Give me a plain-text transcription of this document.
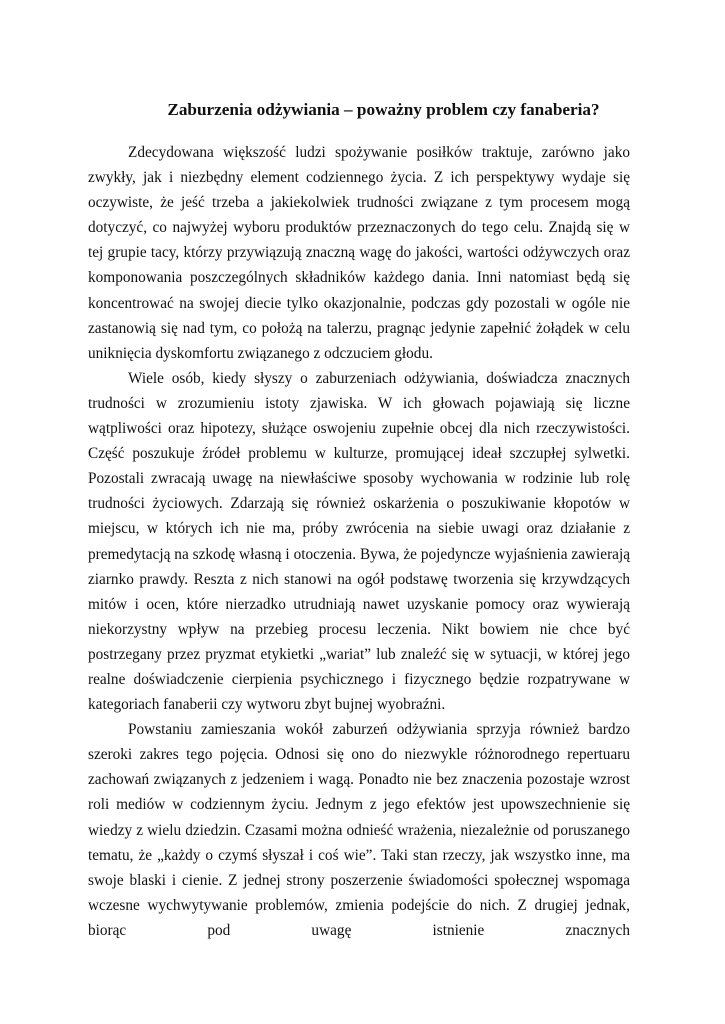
Zaburzenia odżywiania – poważny problem czy fanaberia?

Zdecydowana większość ludzi spożywanie posiłków traktuje, zarówno jako zwykły, jak i niezbędny element codziennego życia. Z ich perspektywy wydaje się oczywiste, że jeść trzeba a jakiekolwiek trudności związane z tym procesem mogą dotyczyć, co najwyżej wyboru produktów przeznaczonych do tego celu. Znajdą się w tej grupie tacy, którzy przywiązują znaczną wagę do jakości, wartości odżywczych oraz komponowania poszczególnych składników każdego dania. Inni natomiast będą się koncentrować na swojej diecie tylko okazjonalnie, podczas gdy pozostali w ogóle nie zastanowią się nad tym, co położą na talerzu, pragnąc jedynie zapełnić żołądek w celu uniknięcia dyskomfortu związanego z odczuciem głodu.

Wiele osób, kiedy słyszy o zaburzeniach odżywiania, doświadcza znacznych trudności w zrozumieniu istoty zjawiska. W ich głowach pojawiają się liczne wątpliwości oraz hipotezy, służące oswojeniu zupełnie obcej dla nich rzeczywistości. Część poszukuje źródeł problemu w kulturze, promującej ideał szczupłej sylwetki. Pozostali zwracają uwagę na niewłaściwe sposoby wychowania w rodzinie lub rolę trudności życiowych. Zdarzają się również oskarżenia o poszukiwanie kłopotów w miejscu, w których ich nie ma, próby zwrócenia na siebie uwagi oraz działanie z premedytacją na szkodę własną i otoczenia. Bywa, że pojedyncze wyjaśnienia zawierają ziarnko prawdy. Reszta z nich stanowi na ogół podstawę tworzenia się krzywdzących mitów i ocen, które nierzadko utrudniają nawet uzyskanie pomocy oraz wywierają niekorzystny wpływ na przebieg procesu leczenia. Nikt bowiem nie chce być postrzegany przez pryzmat etykietki „wariat” lub znaleźć się w sytuacji, w której jego realne doświadczenie cierpienia psychicznego i fizycznego będzie rozpatrywane w kategoriach fanaberii czy wytworu zbyt bujnej wyobraźni.

Powstaniu zamieszania wokół zaburzeń odżywiania sprzyja również bardzo szeroki zakres tego pojęcia. Odnosi się ono do niezwykle różnorodnego repertuaru zachowań związanych z jedzeniem i wagą. Ponadto nie bez znaczenia pozostaje wzrost roli mediów w codziennym życiu. Jednym z jego efektów jest upowszechnienie się wiedzy z wielu dziedzin. Czasami można odnieść wrażenia, niezależnie od poruszanego tematu, że „każdy o czymś słyszał i coś wie”. Taki stan rzeczy, jak wszystko inne, ma swoje blaski i cienie. Z jednej strony poszerzenie świadomości społecznej wspomaga wczesne wychwytywanie problemów, zmienia podejście do nich. Z drugiej jednak, biorąc pod uwagę istnienie znacznych
